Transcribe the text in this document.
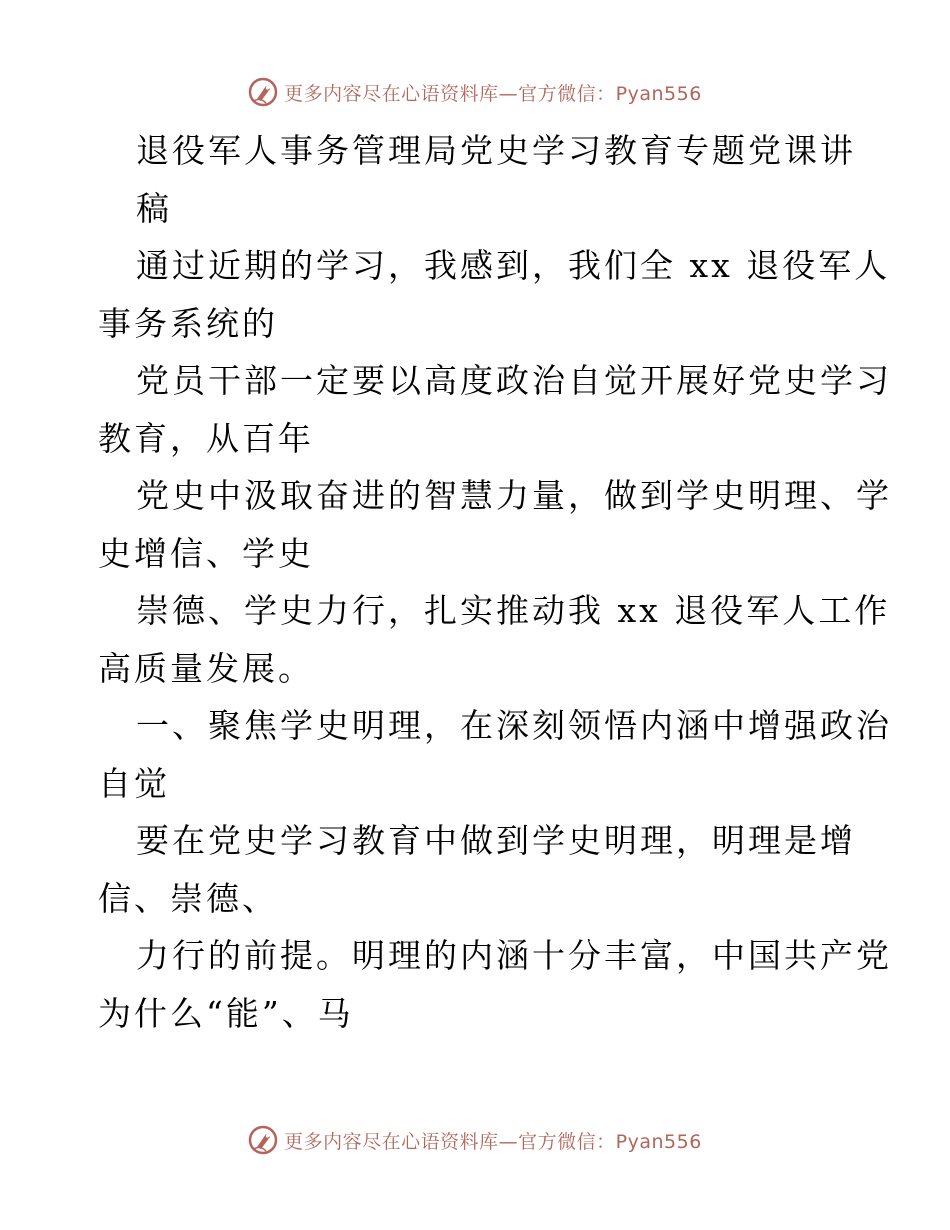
更多内容尽在心语资料库—官方微信：Pyan556
退役军人事务管理局党史学习教育专题党课讲
稿
通过近期的学习，我感到，我们全 xx 退役军人
事务系统的
党员干部一定要以高度政治自觉开展好党史学习
教育，从百年
党史中汲取奋进的智慧力量，做到学史明理、学
史增信、学史
崇德、学史力行，扎实推动我 xx 退役军人工作
高质量发展。
一、聚焦学史明理，在深刻领悟内涵中增强政治
自觉
要在党史学习教育中做到学史明理，明理是增
信、崇德、
力行的前提。明理的内涵十分丰富，中国共产党
为什么“能”、马
更多内容尽在心语资料库—官方微信：Pyan556
